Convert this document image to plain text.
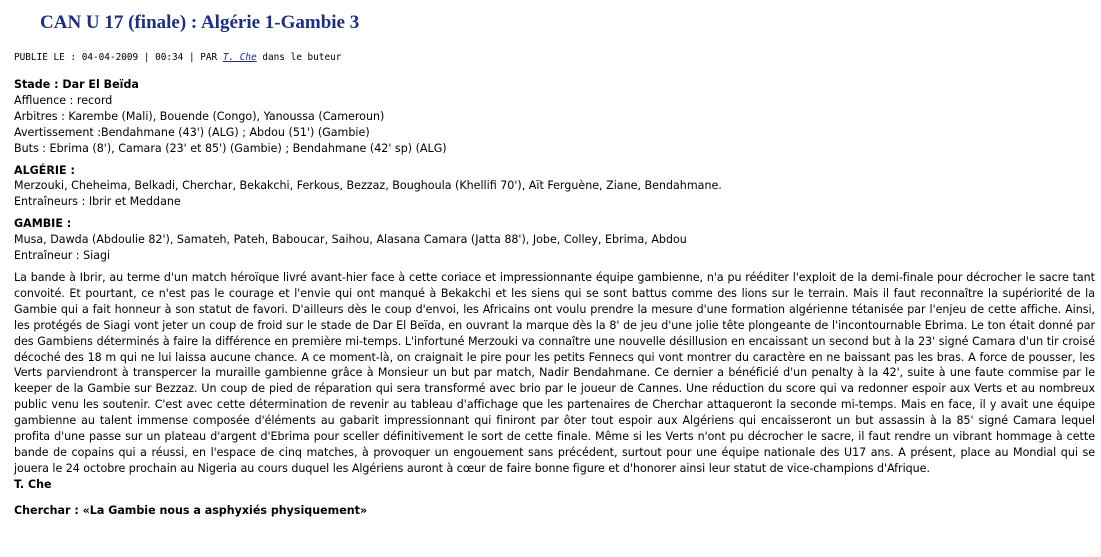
CAN U 17 (finale) : Algérie 1-Gambie 3
PUBLIE LE : 04-04-2009 | 00:34 | PAR T. Che dans le buteur
Stade : Dar El Beïda
Affluence : record
Arbitres : Karembe (Mali), Bouende (Congo), Yanoussa (Cameroun)
Avertissement :Bendahmane (43') (ALG) ; Abdou (51') (Gambie)
Buts : Ebrima (8'), Camara (23' et 85') (Gambie) ; Bendahmane (42' sp) (ALG)
ALGÉRIE :
Merzouki, Cheheima, Belkadi, Cherchar, Bekakchi, Ferkous, Bezzaz, Boughoula (Khellifi 70'), Aït Ferguène, Ziane, Bendahmane.
Entraîneurs : Ibrir et Meddane
GAMBIE :
Musa, Dawda (Abdoulie 82'), Samateh, Pateh, Baboucar, Saihou, Alasana Camara (Jatta 88'), Jobe, Colley, Ebrima, Abdou
Entraîneur : Siagi

La bande à Ibrir, au terme d'un match héroïque livré avant-hier face à cette coriace et impressionnante équipe gambienne, n'a pu rééditer l'exploit de la demi-finale pour décrocher le sacre tant convoité. Et pourtant, ce n'est pas le courage et l'envie qui ont manqué à Bekakchi et les siens qui se sont battus comme des lions sur le terrain. Mais il faut reconnaître la supériorité de la Gambie qui a fait honneur à son statut de favori. D'ailleurs dès le coup d'envoi, les Africains ont voulu prendre la mesure d'une formation algérienne tétanisée par l'enjeu de cette affiche. Ainsi, les protégés de Siagi vont jeter un coup de froid sur le stade de Dar El Beïda, en ouvrant la marque dès la 8' de jeu d'une jolie tête plongeante de l'incontournable Ebrima. Le ton était donné par des Gambiens déterminés à faire la différence en première mi-temps. L'infortuné Merzouki va connaître une nouvelle désillusion en encaissant un second but à la 23' signé Camara d'un tir croisé décoché des 18 m qui ne lui laissa aucune chance. A ce moment-là, on craignait le pire pour les petits Fennecs qui vont montrer du caractère en ne baissant pas les bras. A force de pousser, les Verts parviendront à transpercer la muraille gambienne grâce à Monsieur un but par match, Nadir Bendahmane. Ce dernier a bénéficié d'un penalty à la 42', suite à une faute commise par le keeper de la Gambie sur Bezzaz. Un coup de pied de réparation qui sera transformé avec brio par le joueur de Cannes. Une réduction du score qui va redonner espoir aux Verts et au nombreux public venu les soutenir. C'est avec cette détermination de revenir au tableau d'affichage que les partenaires de Cherchar attaqueront la seconde mi-temps. Mais en face, il y avait une équipe gambienne au talent immense composée d'éléments au gabarit impressionnant qui finiront par ôter tout espoir aux Algériens qui encaisseront un but assassin à la 85' signé Camara lequel profita d'une passe sur un plateau d'argent d'Ebrima pour sceller définitivement le sort de cette finale. Même si les Verts n'ont pu décrocher le sacre, il faut rendre un vibrant hommage à cette bande de copains qui a réussi, en l'espace de cinq matches, à provoquer un engouement sans précédent, surtout pour une équipe nationale des U17 ans. A présent, place au Mondial qui se jouera le 24 octobre prochain au Nigeria au cours duquel les Algériens auront à cœur de faire bonne figure et d'honorer ainsi leur statut de vice-champions d'Afrique.

T. Che
Cherchar : «La Gambie nous a asphyxiés physiquement»
